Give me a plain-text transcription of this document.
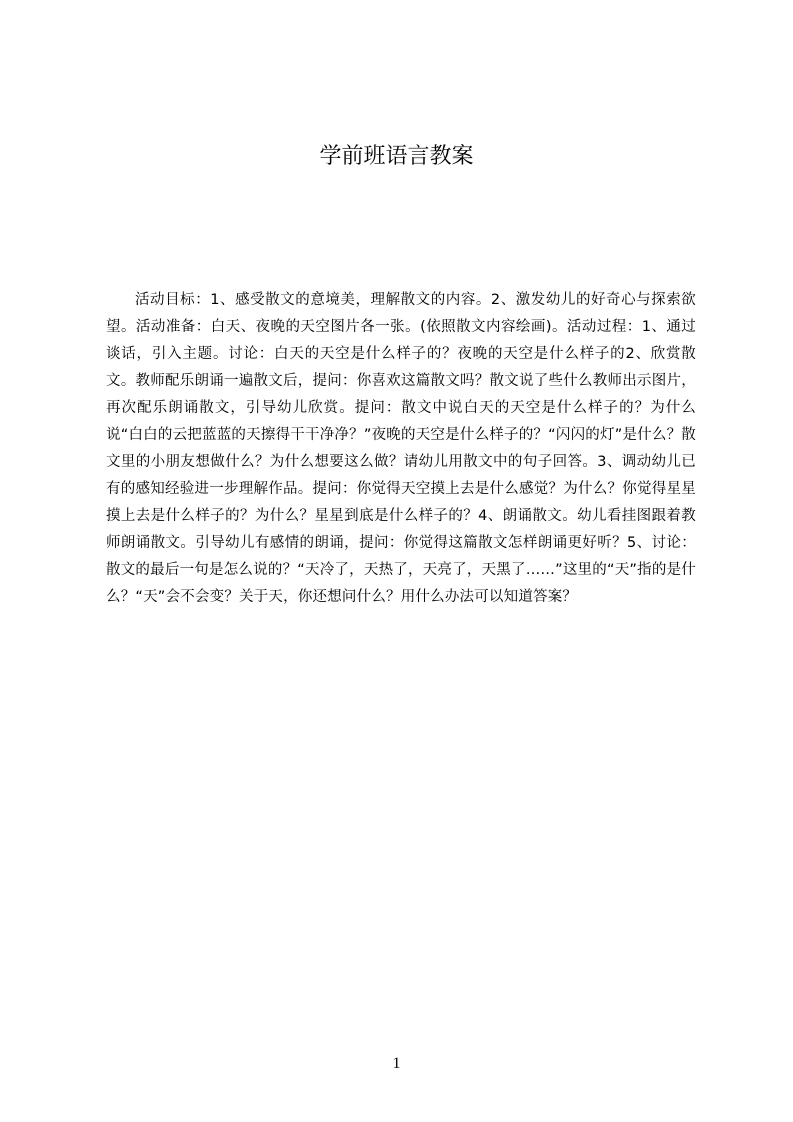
学前班语言教案

活动目标：1、感受散文的意境美，理解散文的内容。2、激发幼儿的好奇心与探索欲望。活动准备：白天、夜晚的天空图片各一张。(依照散文内容绘画)。活动过程：1、通过谈话，引入主题。讨论：白天的天空是什么样子的？夜晚的天空是什么样子的2、欣赏散文。教师配乐朗诵一遍散文后，提问：你喜欢这篇散文吗？散文说了些什么教师出示图片，再次配乐朗诵散文，引导幼儿欣赏。提问：散文中说白天的天空是什么样子的？为什么说“白白的云把蓝蓝的天擦得干干净净？”夜晚的天空是什么样子的？“闪闪的灯”是什么？散文里的小朋友想做什么？为什么想要这么做？请幼儿用散文中的句子回答。3、调动幼儿已有的感知经验进一步理解作品。提问：你觉得天空摸上去是什么感觉？为什么？你觉得星星摸上去是什么样子的？为什么？星星到底是什么样子的？4、朗诵散文。幼儿看挂图跟着教师朗诵散文。引导幼儿有感情的朗诵，提问：你觉得这篇散文怎样朗诵更好听？5、讨论：散文的最后一句是怎么说的？“天冷了，天热了，天亮了，天黑了……”这里的“天”指的是什么？“天”会不会变？关于天，你还想问什么？用什么办法可以知道答案？

1
